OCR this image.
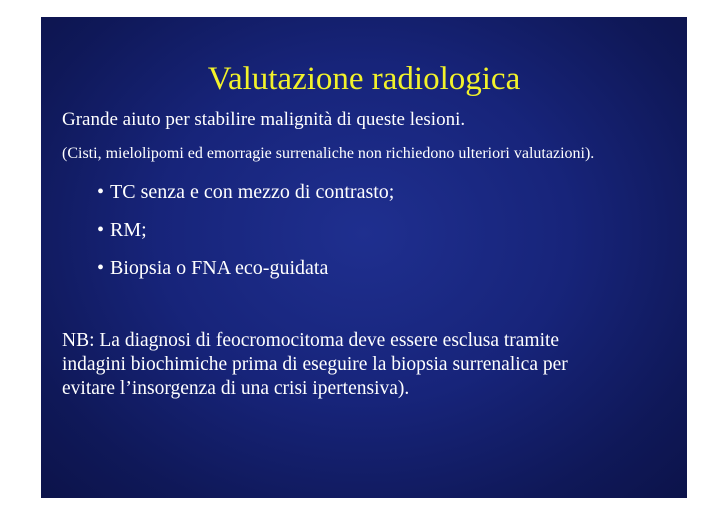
Valutazione radiologica
Grande aiuto per stabilire malignità di queste lesioni.
(Cisti, mielolipomi ed emorragie surrenaliche non richiedono ulteriori valutazioni).
• TC senza e con mezzo di contrasto;
• RM;
• Biopsia o FNA eco-guidata
NB: La diagnosi di feocromocitoma deve essere esclusa tramite
indagini biochimiche prima di eseguire la biopsia surrenalica per
evitare l’insorgenza di una crisi ipertensiva).
